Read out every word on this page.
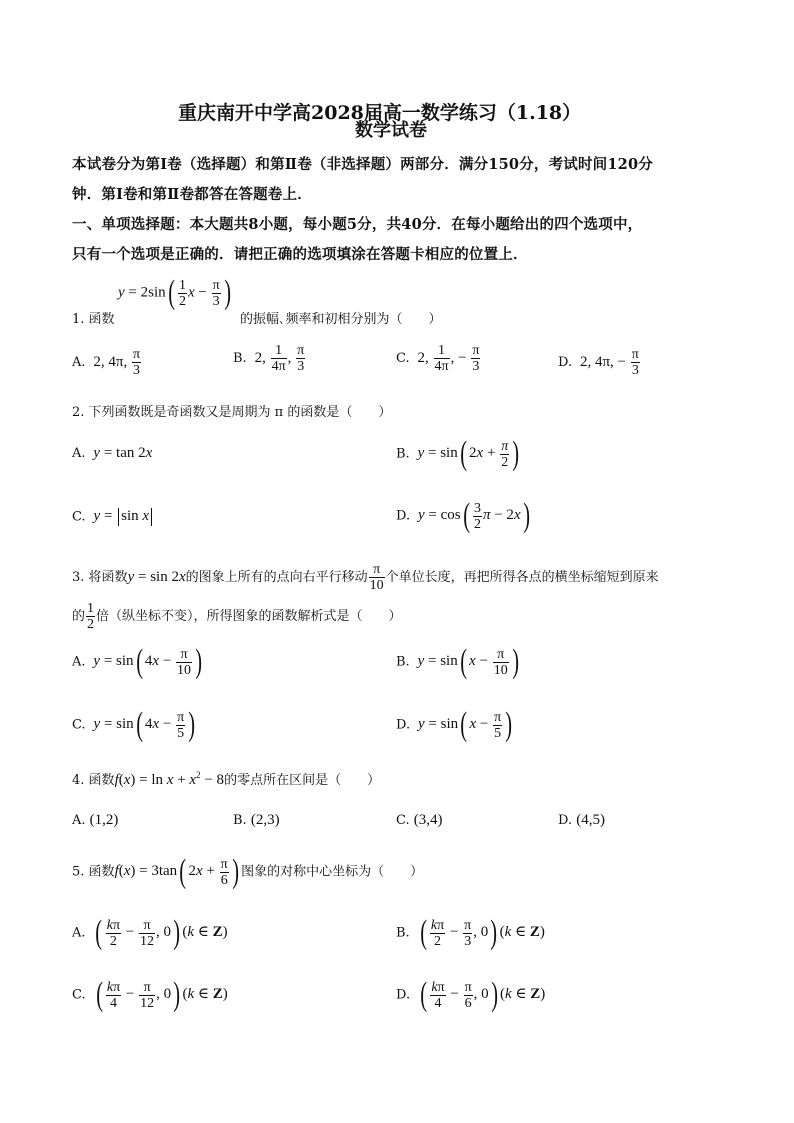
重庆南开中学高2028届高一数学练习（1.18）
数学试卷
本试卷分为第Ⅰ卷（选择题）和第Ⅱ卷（非选择题）两部分．满分150分，考试时间120分
钟．第Ⅰ卷和第Ⅱ卷都答在答题卷上．
一、单项选择题：本大题共8小题，每小题5分，共40分．在每小题给出的四个选项中，
只有一个选项是正确的．请把正确的选项填涂在答题卡相应的位置上．
1. 函数
$y = 2\sin( \frac{1}{2}$ $x - \frac{\pi}{3}$ )
的振幅､频率和初相分别为（　　）
A.  2, 4π, $\frac{\pi}{3}$	B.  2, $\frac{1}{4\pi}$ , $\frac{\pi}{3}$	C.  2, $\frac{1}{4\pi}$ , − $\frac{\pi}{3}$	D.  2, 4π, − $\frac{\pi}{3}$
2. 下列函数既是奇函数又是周期为 π 的函数是（　　）
A. y = tan 2x	B. y = sin( $2x + \frac{\pi}{2}$ )
C. y = sin x	D. $y = \cos( \frac{3}{2}$ π − 2x)
3. 将函数y = sin 2x的图象上所有的点向右平行移动 $\frac{\pi}{10}$ 个单位长度，再把所得各点的横坐标缩短到原来
的 $\frac{1}{2}$ 倍（纵坐标不变），所得图象的函数解析式是（　　）
A. y = sin( $4x - \frac{\pi}{10}$ )	B. y = sin( $x - \frac{\pi}{10}$ )
C. y = sin( $4x - \frac{\pi}{5}$ )	D. y = sin( $x - \frac{\pi}{5}$ )
4. 函数$f(x) = \ln x + x^2 - 8$的零点所在区间是（　　）
A. (1,2)	B. (2,3)	C. (3,4)	D. (4,5)
5. 函数f(x) = 3tan( $2x + \frac{\pi}{6}$ ) 图象的对称中心坐标为（　　）
A. ( $\frac{k\pi}{2} - \frac{\pi}{12}$ , 0) (k ∈ Z)	B. ( $\frac{k\pi}{2} - \frac{\pi}{3}$ , 0) (k ∈ Z)
C. ( $\frac{k\pi}{4} - \frac{\pi}{12}$ , 0) (k ∈ Z)	D. ( $\frac{k\pi}{4} - \frac{\pi}{6}$ , 0) (k ∈ Z)
